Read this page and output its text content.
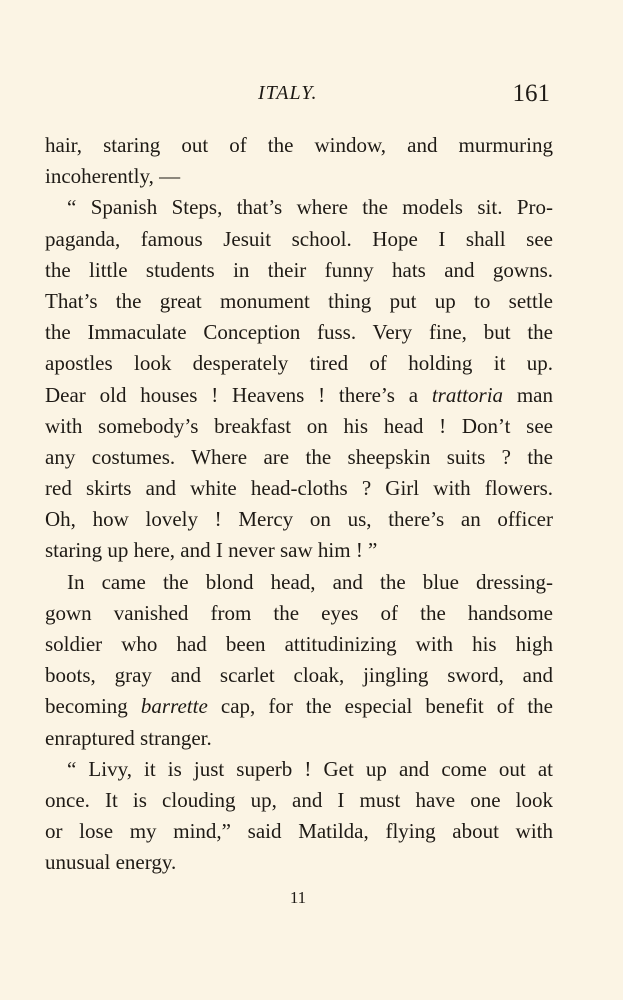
ITALY.	161
hair, staring out of the window, and murmuring
incoherently, —
“ Spanish Steps, that’s where the models sit. Pro-
paganda, famous Jesuit school. Hope I shall see
the little students in their funny hats and gowns.
That’s the great monument thing put up to settle
the Immaculate Conception fuss. Very fine, but the
apostles look desperately tired of holding it up.
Dear old houses ! Heavens ! there’s a trattoria man
with somebody’s breakfast on his head ! Don’t see
any costumes. Where are the sheepskin suits ? the
red skirts and white head-cloths ? Girl with flowers.
Oh, how lovely ! Mercy on us, there’s an officer
staring up here, and I never saw him ! ”
In came the blond head, and the blue dressing-
gown vanished from the eyes of the handsome
soldier who had been attitudinizing with his high
boots, gray and scarlet cloak, jingling sword, and
becoming barrette cap, for the especial benefit of the
enraptured stranger.
“ Livy, it is just superb ! Get up and come out at
once. It is clouding up, and I must have one look
or lose my mind,” said Matilda, flying about with
unusual energy.
11
